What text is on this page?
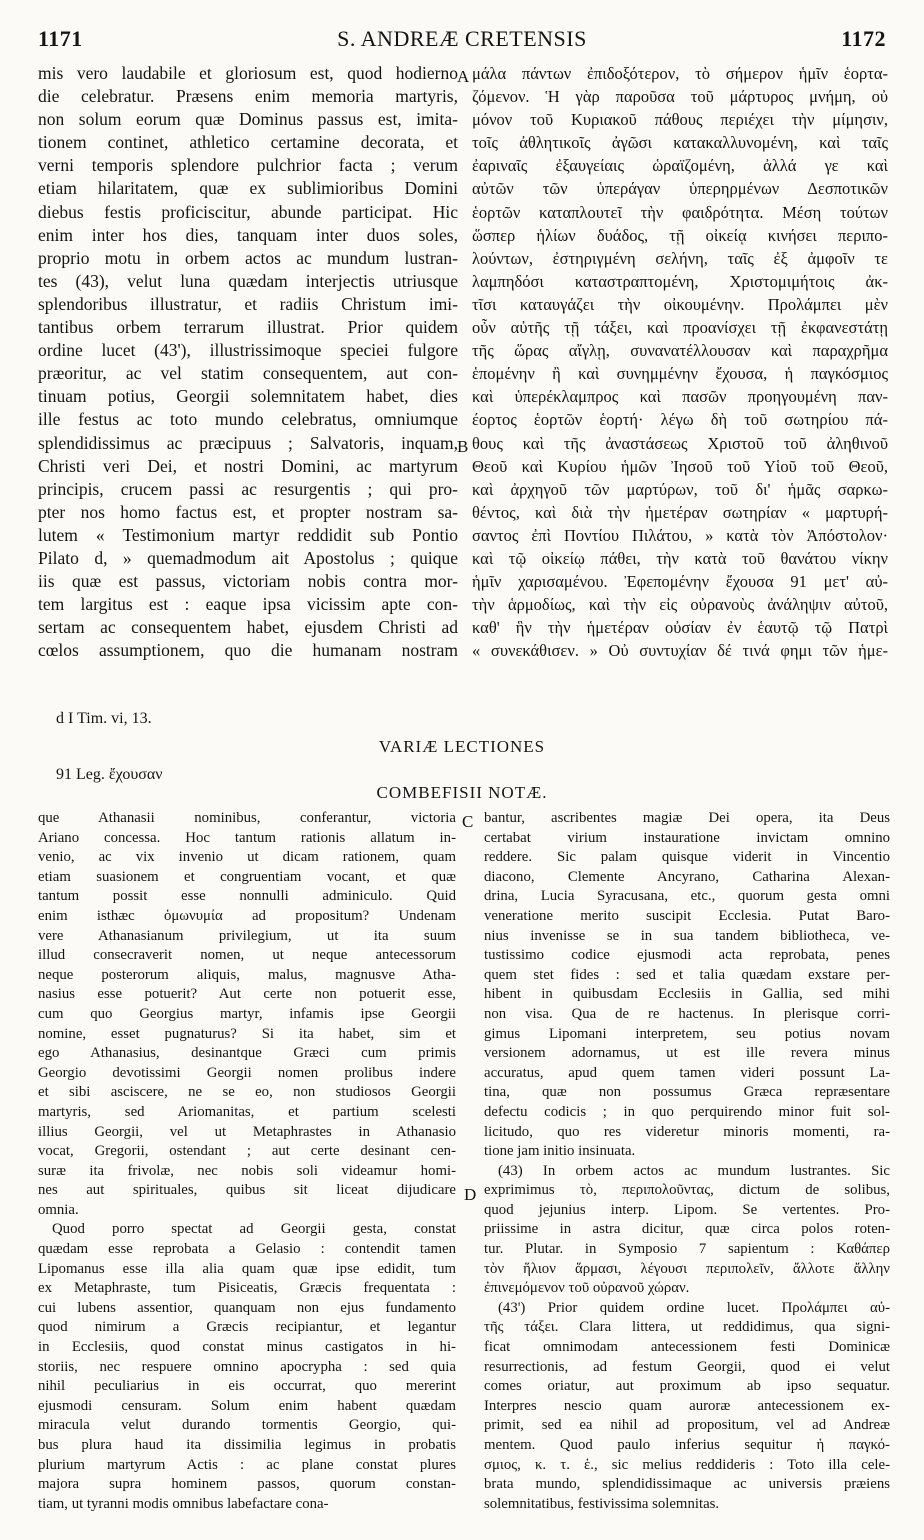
1171	S. ANDREÆ CRETENSIS	1172
mis vero laudabile et gloriosum est, quod hodierno
die celebratur. Præsens enim memoria martyris,
non solum eorum quæ Dominus passus est, imita-
tionem continet, athletico certamine decorata, et
verni temporis splendore pulchrior facta ; verum
etiam hilaritatem, quæ ex sublimioribus Domini
diebus festis proficiscitur, abunde participat. Hic
enim inter hos dies, tanquam inter duos soles,
proprio motu in orbem actos ac mundum lustran-
tes (43), velut luna quædam interjectis utriusque
splendoribus illustratur, et radiis Christum imi-
tantibus orbem terrarum illustrat. Prior quidem
ordine lucet (43'), illustrissimoque speciei fulgore
præoritur, ac vel statim consequentem, aut con-
tinuam potius, Georgii solemnitatem habet, dies
ille festus ac toto mundo celebratus, omniumque
splendidissimus ac præcipuus ; Salvatoris, inquam,
Christi veri Dei, et nostri Domini, ac martyrum
principis, crucem passi ac resurgentis ; qui pro-
pter nos homo factus est, et propter nostram sa-
lutem « Testimonium martyr reddidit sub Pontio
Pilato d, » quemadmodum ait Apostolus ; quique
iis quæ est passus, victoriam nobis contra mor-
tem largitus est : eaque ipsa vicissim apte con-
sertam ac consequentem habet, ejusdem Christi ad
cœlos assumptionem, quo die humanam nostram
μάλα πάντων ἐπιδοξότερον, τὸ σήμερον ἡμῖν ἑορτα-
ζόμενον. Ἡ γὰρ παροῦσα τοῦ μάρτυρος μνήμη, οὐ
μόνον τοῦ Κυριακοῦ πάθους περιέχει τὴν μίμησιν,
τοῖς ἀθλητικοῖς ἀγῶσι κατακαλλυνομένη, καὶ ταῖς
ἐαριναῖς ἐξαυγείαις ὡραϊζομένη, ἀλλά γε καὶ
αὐτῶν τῶν ὑπεράγαν ὑπερηρμένων Δεσποτικῶν
ἑορτῶν καταπλουτεῖ τὴν φαιδρότητα. Μέση τούτων
ὥσπερ ἡλίων δυάδος, τῇ οἰκείᾳ κινήσει περιπο-
λούντων, ἐστηριγμένη σελήνη, ταῖς ἐξ ἀμφοῖν τε
λαμπηδόσι καταστραπτομένη, Χριστομιμήτοις ἀκ-
τῖσι καταυγάζει τὴν οἰκουμένην. Προλάμπει μὲν
οὖν αὐτῆς τῇ τάξει, καὶ προανίσχει τῇ ἐκφανεστάτῃ
τῆς ὥρας αἴγλῃ, συνανατέλλουσαν καὶ παραχρῆμα
ἑπομένην ἢ καὶ συνημμένην ἔχουσα, ἡ παγκόσμιος
καὶ ὑπερέκλαμπρος καὶ πασῶν προηγουμένη παν-
έορτος ἑορτῶν ἑορτή· λέγω δὴ τοῦ σωτηρίου πά-
θους καὶ τῆς ἀναστάσεως Χριστοῦ τοῦ ἀληθινοῦ
Θεοῦ καὶ Κυρίου ἡμῶν Ἰησοῦ τοῦ Υἱοῦ τοῦ Θεοῦ,
καὶ ἀρχηγοῦ τῶν μαρτύρων, τοῦ δι' ἡμᾶς σαρκω-
θέντος, καὶ διὰ τὴν ἡμετέραν σωτηρίαν « μαρτυρή-
σαντος ἐπὶ Ποντίου Πιλάτου, » κατὰ τὸν Ἀπόστολον·
καὶ τῷ οἰκείῳ πάθει, τὴν κατὰ τοῦ θανάτου νίκην
ἡμῖν χαρισαμένου. Ἐφεπομένην ἔχουσα 91 μετ' αὐ-
τὴν ἁρμοδίως, καὶ τὴν εἰς οὐρανοὺς ἀνάληψιν αὐτοῦ,
καθ' ἣν τὴν ἡμετέραν οὐσίαν ἐν ἑαυτῷ τῷ Πατρὶ
« συνεκάθισεν. » Οὐ συντυχίαν δέ τινά φημι τῶν ἡμε-
A
B
C
D
d I Tim. vi, 13.
VARIÆ LECTIONES
91 Leg. ἔχουσαν
COMBEFISII NOTÆ.
que Athanasii nominibus, conferantur, victoria
Ariano concessa. Hoc tantum rationis allatum in-
venio, ac vix invenio ut dicam rationem, quam
etiam suasionem et congruentiam vocant, et quæ
tantum possit esse nonnulli adminiculo. Quid
enim isthæc ὁμωνυμία ad propositum? Undenam
vere Athanasianum privilegium, ut ita suum
illud consecraverit nomen, ut neque antecessorum
neque posterorum aliquis, malus, magnusve Atha-
nasius esse potuerit? Aut certe non potuerit esse,
cum quo Georgius martyr, infamis ipse Georgii
nomine, esset pugnaturus? Si ita habet, sim et
ego Athanasius, desinantque Græci cum primis
Georgio devotissimi Georgii nomen prolibus indere
et sibi asciscere, ne se eo, non studiosos Georgii
martyris, sed Ariomanitas, et partium scelesti
illius Georgii, vel ut Metaphrastes in Athanasio
vocat, Gregorii, ostendant ; aut certe desinant cen-
suræ ita frivolæ, nec nobis soli videamur homi-
nes aut spirituales, quibus sit liceat dijudicare
omnia.
Quod porro spectat ad Georgii gesta, constat
quædam esse reprobata a Gelasio : contendit tamen
Lipomanus esse illa alia quam quæ ipse edidit, tum
ex Metaphraste, tum Pisiceatis, Græcis frequentata :
cui lubens assentior, quanquam non ejus fundamento
quod nimirum a Græcis recipiantur, et legantur
in Ecclesiis, quod constat minus castigatos in hi-
storiis, nec respuere omnino apocrypha : sed quia
nihil peculiarius in eis occurrat, quo mererint
ejusmodi censuram. Solum enim habent quædam
miracula velut durando tormentis Georgio, qui-
bus plura haud ita dissimilia legimus in probatis
plurium martyrum Actis : ac plane constat plures
majora supra hominem passos, quorum constan-
tiam, ut tyranni modis omnibus labefactare cona-
bantur, ascribentes magiæ Dei opera, ita Deus
certabat virium instauratione invictam omnino
reddere. Sic palam quisque viderit in Vincentio
diacono, Clemente Ancyrano, Catharina Alexan-
drina, Lucia Syracusana, etc., quorum gesta omni
veneratione merito suscipit Ecclesia. Putat Baro-
nius invenisse se in sua tandem bibliotheca, ve-
tustissimo codice ejusmodi acta reprobata, penes
quem stet fides : sed et talia quædam exstare per-
hibent in quibusdam Ecclesiis in Gallia, sed mihi
non visa. Qua de re hactenus. In plerisque corri-
gimus Lipomani interpretem, seu potius novam
versionem adornamus, ut est ille revera minus
accuratus, apud quem tamen videri possunt La-
tina, quæ non possumus Græca repræsentare
defectu codicis ; in quo perquirendo minor fuit sol-
licitudo, quo res videretur minoris momenti, ra-
tione jam initio insinuata.
(43) In orbem actos ac mundum lustrantes. Sic
exprimimus τὸ, περιπολοῦντας, dictum de solibus,
quod jejunius interp. Lipom. Se vertentes. Pro-
priissime in astra dicitur, quæ circa polos roten-
tur. Plutar. in Symposio 7 sapientum : Καθάπερ
τὸν ἥλιον ἅρμασι, λέγουσι περιπολεῖν, ἄλλοτε ἄλλην
ἐπινεμόμενον τοῦ οὐρανοῦ χώραν.
(43') Prior quidem ordine lucet. Προλάμπει αὐ-
τῆς τάξει. Clara littera, ut reddidimus, qua signi-
ficat omnimodam antecessionem festi Dominicæ
resurrectionis, ad festum Georgii, quod ei velut
comes oriatur, aut proximum ab ipso sequatur.
Interpres nescio quam auroræ antecessionem ex-
primit, sed ea nihil ad propositum, vel ad Andreæ
mentem. Quod paulo inferius sequitur ἡ παγκό-
σμιος, κ. τ. ἑ., sic melius reddideris : Toto illa cele-
brata mundo, splendidissimaque ac universis præiens
solemnitatibus, festivissima solemnitas.
